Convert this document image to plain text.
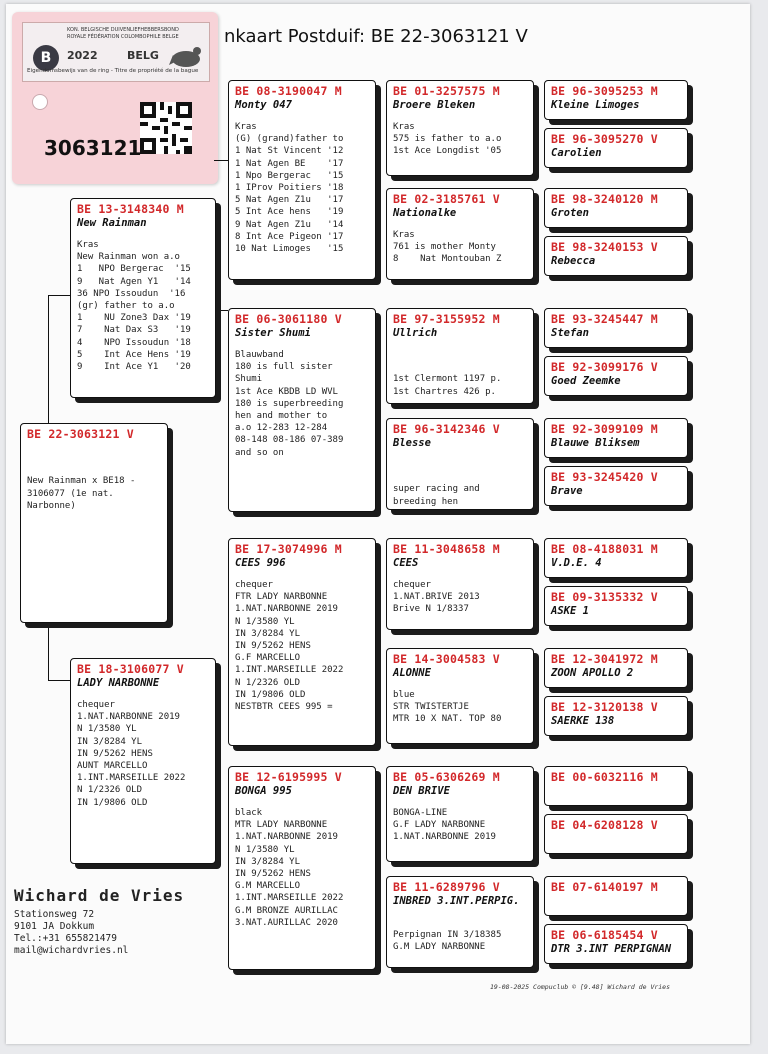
nkaart Postduif: BE 22-3063121 V
B
KON. BELGISCHE DUIVENLIEFHEBBERSBOND
ROYALE FÉDÉRATION COLOMBOPHILE BELGE
2022	BELG
Eigendomsbewijs van de ring - Titre de propriété de la bague
3063121
BE 22-3063121 V

New Rainman x BE18 -
3106077 (1e nat.
Narbonne)
BE 13-3148340 M
New Rainman
Kras
New Rainman won a.o
1   NPO Bergerac  '15
9   Nat Agen Y1   '14
36 NPO Issoudun  '16
(gr) father to a.o
1    NU Zone3 Dax '19
7    Nat Dax S3   '19
4    NPO Issoudun '18
5    Int Ace Hens '19
9    Int Ace Y1   '20
BE 18-3106077 V
LADY NARBONNE
chequer
1.NAT.NARBONNE 2019
N 1/3580 YL
IN 3/8284 YL
IN 9/5262 HENS
AUNT MARCELLO
1.INT.MARSEILLE 2022
N 1/2326 OLD
IN 1/9806 OLD
BE 08-3190047 M
Monty 047
Kras
(G) (grand)father to
1 Nat St Vincent '12
1 Nat Agen BE    '17
1 Npo Bergerac   '15
1 IProv Poitiers '18
5 Nat Agen Z1u   '17
5 Int Ace hens   '19
9 Nat Agen Z1u   '14
8 Int Ace Pigeon '17
10 Nat Limoges   '15
BE 06-3061180 V
Sister Shumi
Blauwband
180 is full sister
Shumi
1st Ace KBDB LD WVL
180 is superbreeding
hen and mother to
a.o 12-283 12-284
08-148 08-186 07-389
and so on
BE 17-3074996 M
CEES 996
chequer
FTR LADY NARBONNE
1.NAT.NARBONNE 2019
N 1/3580 YL
IN 3/8284 YL
IN 9/5262 HENS
G.F MARCELLO
1.INT.MARSEILLE 2022
N 1/2326 OLD
IN 1/9806 OLD
NESTBTR CEES 995 =
BE 12-6195995 V
BONGA 995
black
MTR LADY NARBONNE
1.NAT.NARBONNE 2019
N 1/3580 YL
IN 3/8284 YL
IN 9/5262 HENS
G.M MARCELLO
1.INT.MARSEILLE 2022
G.M BRONZE AURILLAC
3.NAT.AURILLAC 2020
BE 01-3257575 M
Broere Bleken
Kras
575 is father to a.o
1st Ace Longdist '05
BE 02-3185761 V
Nationalke
Kras
761 is mother Monty
8    Nat Montouban Z
BE 97-3155952 M
Ullrich

1st Clermont 1197 p.
1st Chartres 426 p.
BE 96-3142346 V
Blesse

super racing and
breeding hen
BE 11-3048658 M
CEES
chequer
1.NAT.BRIVE 2013
Brive N 1/8337
BE 14-3004583 V
ALONNE
blue
STR TWISTERTJE
MTR 10 X NAT. TOP 80
BE 05-6306269 M
DEN BRIVE
BONGA-LINE
G.F LADY NARBONNE
1.NAT.NARBONNE 2019
BE 11-6289796 V
INBRED 3.INT.PERPIG.

Perpignan IN 3/18385
G.M LADY NARBONNE
BE 96-3095253 M
Kleine Limoges
BE 96-3095270 V
Carolien
BE 98-3240120 M
Groten
BE 98-3240153 V
Rebecca
BE 93-3245447 M
Stefan
BE 92-3099176 V
Goed Zeemke
BE 92-3099109 M
Blauwe Bliksem
BE 93-3245420 V
Brave
BE 08-4188031 M
V.D.E. 4
BE 09-3135332 V
ASKE 1
BE 12-3041972 M
ZOON APOLLO 2
BE 12-3120138 V
SAERKE 138
BE 00-6032116 M
BE 04-6208128 V
BE 07-6140197 M
BE 06-6185454 V
DTR 3.INT PERPIGNAN
Wichard de Vries
Stationsweg 72
9101 JA Dokkum
Tel.:+31 655821479
mail@wichardvries.nl
19-08-2025 Compuclub © [9.48] Wichard de Vries
